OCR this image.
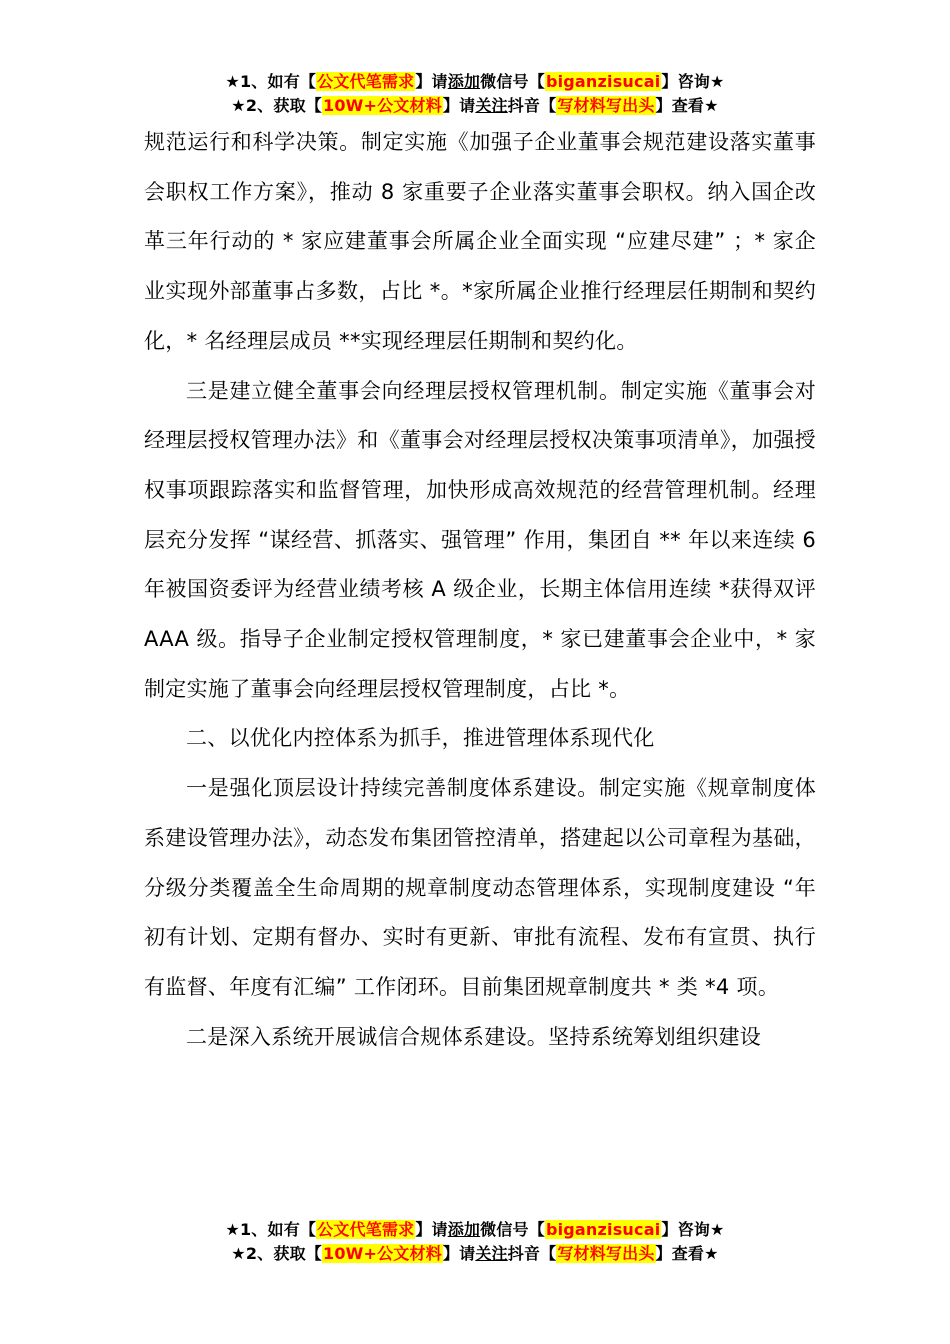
★1、如有【公文代笔需求】请添加微信号【biganzisucai】咨询★
★2、获取【10W+公文材料】请关注抖音【写材料写出头】查看★

规范运行和科学决策。制定实施《加强子企业董事会规范建设落实董事会职权工作方案》，推动 8 家重要子企业落实董事会职权。纳入国企改革三年行动的 * 家应建董事会所属企业全面实现 “应建尽建” ；* 家企业实现外部董事占多数，占比 *。*家所属企业推行经理层任期制和契约化，* 名经理层成员 **实现经理层任期制和契约化。

三是建立健全董事会向经理层授权管理机制。制定实施《董事会对经理层授权管理办法》和《董事会对经理层授权决策事项清单》，加强授权事项跟踪落实和监督管理，加快形成高效规范的经营管理机制。经理层充分发挥 “谋经营、抓落实、强管理” 作用，集团自 ** 年以来连续 6 年被国资委评为经营业绩考核 A 级企业，长期主体信用连续 *获得双评 AAA 级。指导子企业制定授权管理制度，* 家已建董事会企业中，* 家制定实施了董事会向经理层授权管理制度，占比 *。

二、以优化内控体系为抓手，推进管理体系现代化

一是强化顶层设计持续完善制度体系建设。制定实施《规章制度体系建设管理办法》，动态发布集团管控清单，搭建起以公司章程为基础，分级分类覆盖全生命周期的规章制度动态管理体系，实现制度建设 “年初有计划、定期有督办、实时有更新、审批有流程、发布有宣贯、执行有监督、年度有汇编” 工作闭环。目前集团规章制度共 * 类 *4 项。

二是深入系统开展诚信合规体系建设。坚持系统筹划组织建设

★1、如有【公文代笔需求】请添加微信号【biganzisucai】咨询★
★2、获取【10W+公文材料】请关注抖音【写材料写出头】查看★
